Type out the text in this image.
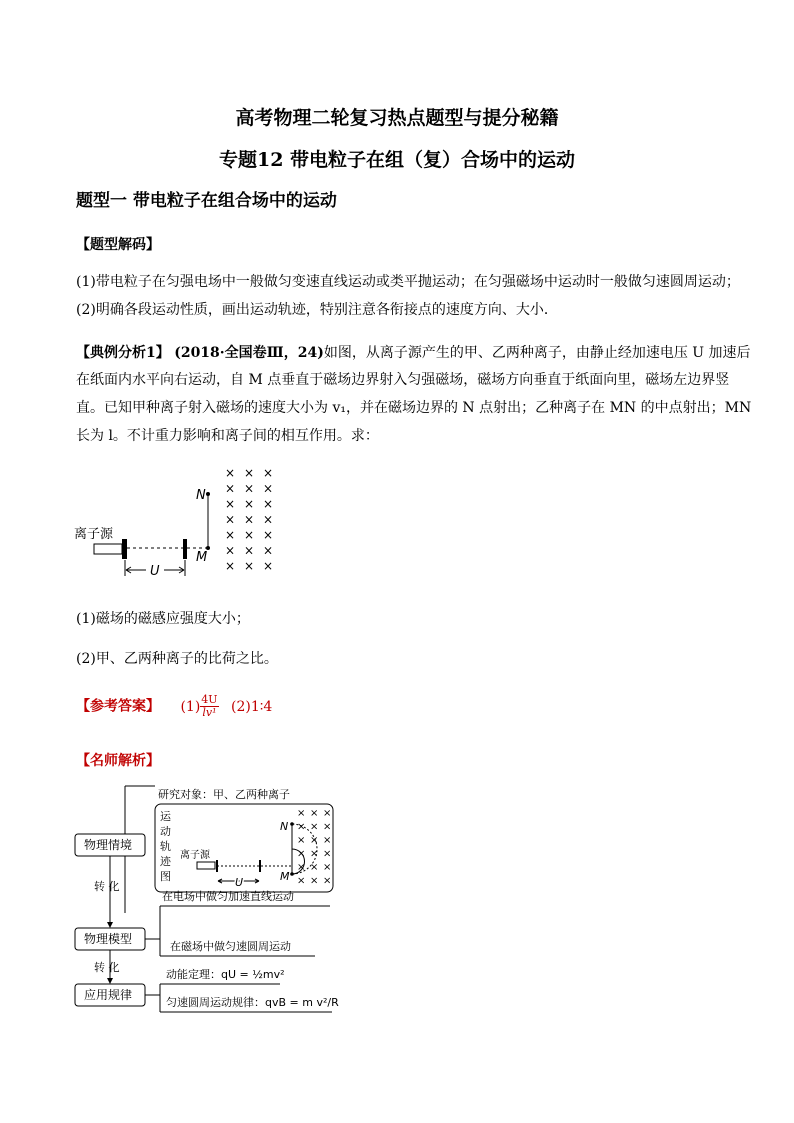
高考物理二轮复习热点题型与提分秘籍
专题12 带电粒子在组（复）合场中的运动
题型一 带电粒子在组合场中的运动
【题型解码】
(1)带电粒子在匀强电场中一般做匀变速直线运动或类平抛运动；在匀强磁场中运动时一般做匀速圆周运动；
(2)明确各段运动性质，画出运动轨迹，特别注意各衔接点的速度方向、大小．
【典例分析1】 (2018·全国卷Ⅲ，24)如图，从离子源产生的甲、乙两种离子，由静止经加速电压 U 加速后
在纸面内水平向右运动，自 M 点垂直于磁场边界射入匀强磁场，磁场方向垂直于纸面向里，磁场左边界竖
直。已知甲种离子射入磁场的速度大小为 v₁，并在磁场边界的 N 点射出；乙种离子在 MN 的中点射出；MN
长为 l。不计重力影响和离子间的相互作用。求：
× × ×
× × ×
× × ×
× × ×
× × ×
× × ×
× × ×
N
M
离子源
U
(1)磁场的磁感应强度大小；
(2)甲、乙两种离子的比荷之比。
【参考答案】 $(1) \frac{4U}{\text{lv¹}}$ (2)1∶4
【名师解析】
研究对象：甲、乙两种离子
运
动
轨
迹
图
× × ×
× × ×
× × ×
× × ×
× × ×
× × ×
N
M
离子源
U
物理情境
转 化
物理模型
在电场中做匀加速直线运动
在磁场中做匀速圆周运动
转 化
应用规律
动能定理：qU = ½mv²
匀速圆周运动规律：qvB = m v²/R
